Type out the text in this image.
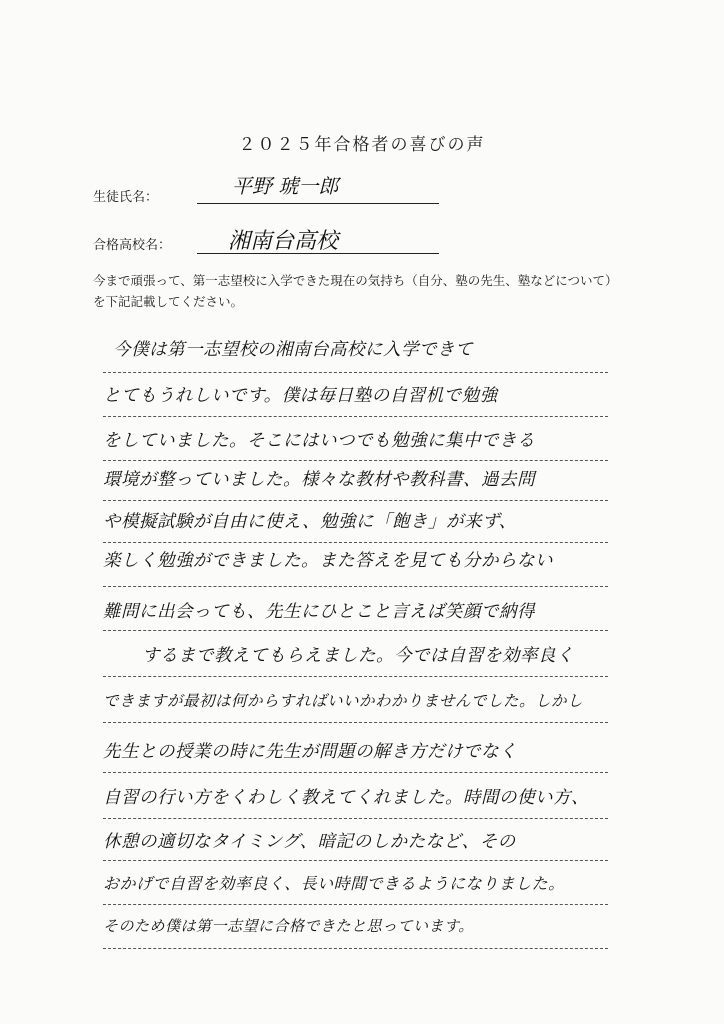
２０２５年合格者の喜びの声
生徒氏名：	平野 琥一郎
合格高校名：	湘南台高校
今まで頑張って、第一志望校に入学できた現在の気持ち（自分、塾の先生、塾などについて）を下記記載してください。
今僕は第一志望校の湘南台高校に入学できて
とてもうれしいです。僕は毎日塾の自習机で勉強
をしていました。そこにはいつでも勉強に集中できる
環境が整っていました。様々な教材や教科書、過去問
や模擬試験が自由に使え、勉強に「飽き」が来ず、
楽しく勉強ができました。また答えを見ても分からない
難問に出会っても、先生にひとこと言えば笑顔で納得
するまで教えてもらえました。今では自習を効率良く
できますが最初は何からすればいいかわかりませんでした。しかし
先生との授業の時に先生が問題の解き方だけでなく
自習の行い方をくわしく教えてくれました。時間の使い方、
休憩の適切なタイミング、暗記のしかたなど、その
おかげで自習を効率良く、長い時間できるようになりました。
そのため僕は第一志望に合格できたと思っています。
